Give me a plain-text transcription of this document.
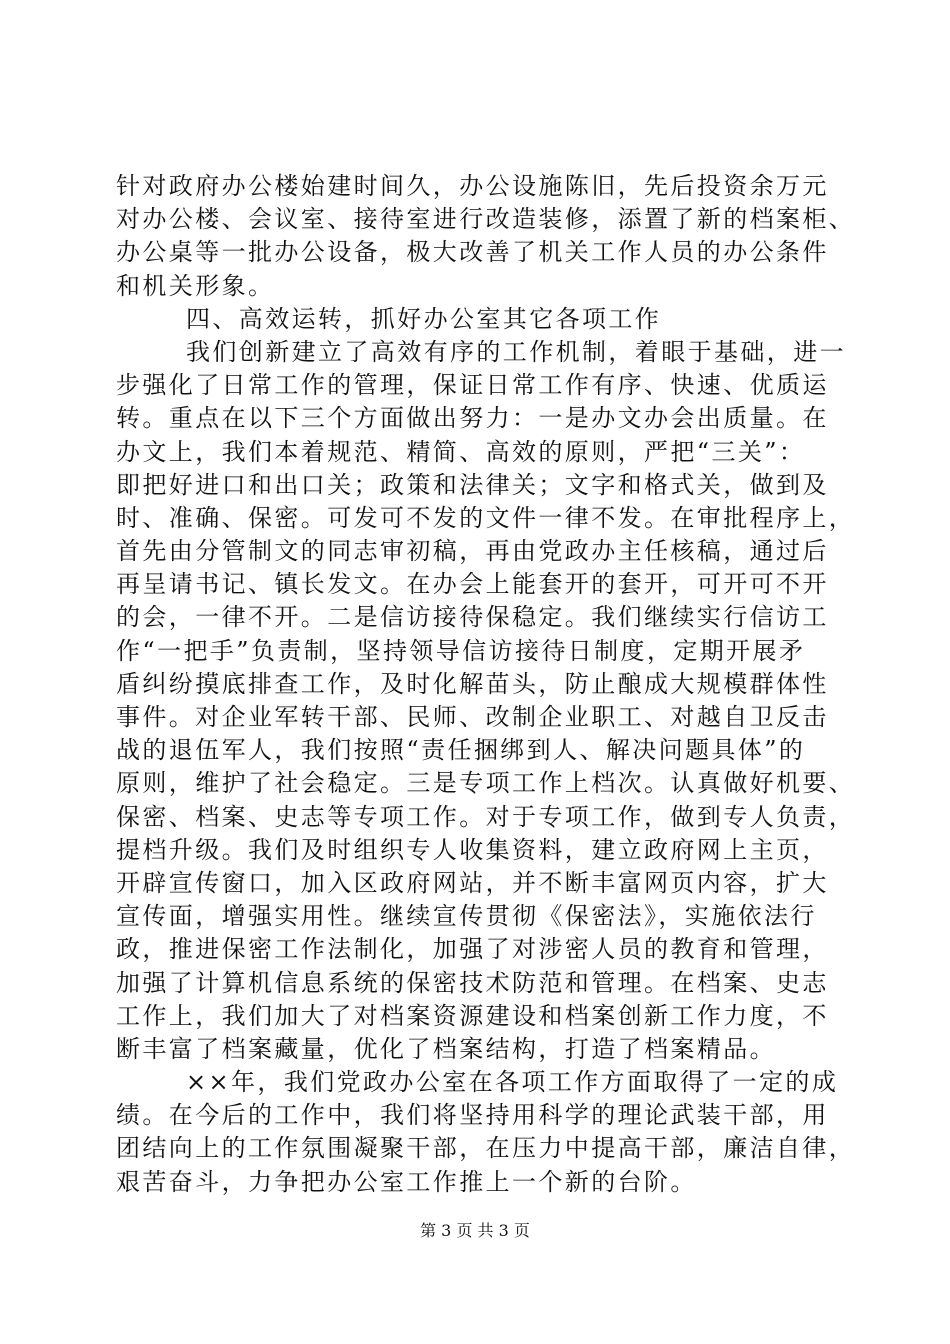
针对政府办公楼始建时间久，办公设施陈旧，先后投资余万元
对办公楼、会议室、接待室进行改造装修，添置了新的档案柜、
办公桌等一批办公设备，极大改善了机关工作人员的办公条件
和机关形象。
四、高效运转，抓好办公室其它各项工作
我们创新建立了高效有序的工作机制，着眼于基础，进一
步强化了日常工作的管理，保证日常工作有序、快速、优质运
转。重点在以下三个方面做出努力：一是办文办会出质量。在
办文上，我们本着规范、精简、高效的原则，严把“三关”：
即把好进口和出口关；政策和法律关；文字和格式关，做到及
时、准确、保密。可发可不发的文件一律不发。在审批程序上，
首先由分管制文的同志审初稿，再由党政办主任核稿，通过后
再呈请书记、镇长发文。在办会上能套开的套开，可开可不开
的会，一律不开。二是信访接待保稳定。我们继续实行信访工
作“一把手”负责制，坚持领导信访接待日制度，定期开展矛
盾纠纷摸底排查工作，及时化解苗头，防止酿成大规模群体性
事件。对企业军转干部、民师、改制企业职工、对越自卫反击
战的退伍军人，我们按照“责任捆绑到人、解决问题具体”的
原则，维护了社会稳定。三是专项工作上档次。认真做好机要、
保密、档案、史志等专项工作。对于专项工作，做到专人负责，
提档升级。我们及时组织专人收集资料，建立政府网上主页，
开辟宣传窗口，加入区政府网站，并不断丰富网页内容，扩大
宣传面，增强实用性。继续宣传贯彻《保密法》，实施依法行
政，推进保密工作法制化，加强了对涉密人员的教育和管理，
加强了计算机信息系统的保密技术防范和管理。在档案、史志
工作上，我们加大了对档案资源建设和档案创新工作力度，不
断丰富了档案藏量，优化了档案结构，打造了档案精品。
××年，我们党政办公室在各项工作方面取得了一定的成
绩。在今后的工作中，我们将坚持用科学的理论武装干部，用
团结向上的工作氛围凝聚干部，在压力中提高干部，廉洁自律，
艰苦奋斗，力争把办公室工作推上一个新的台阶。
第 3 页 共 3 页
